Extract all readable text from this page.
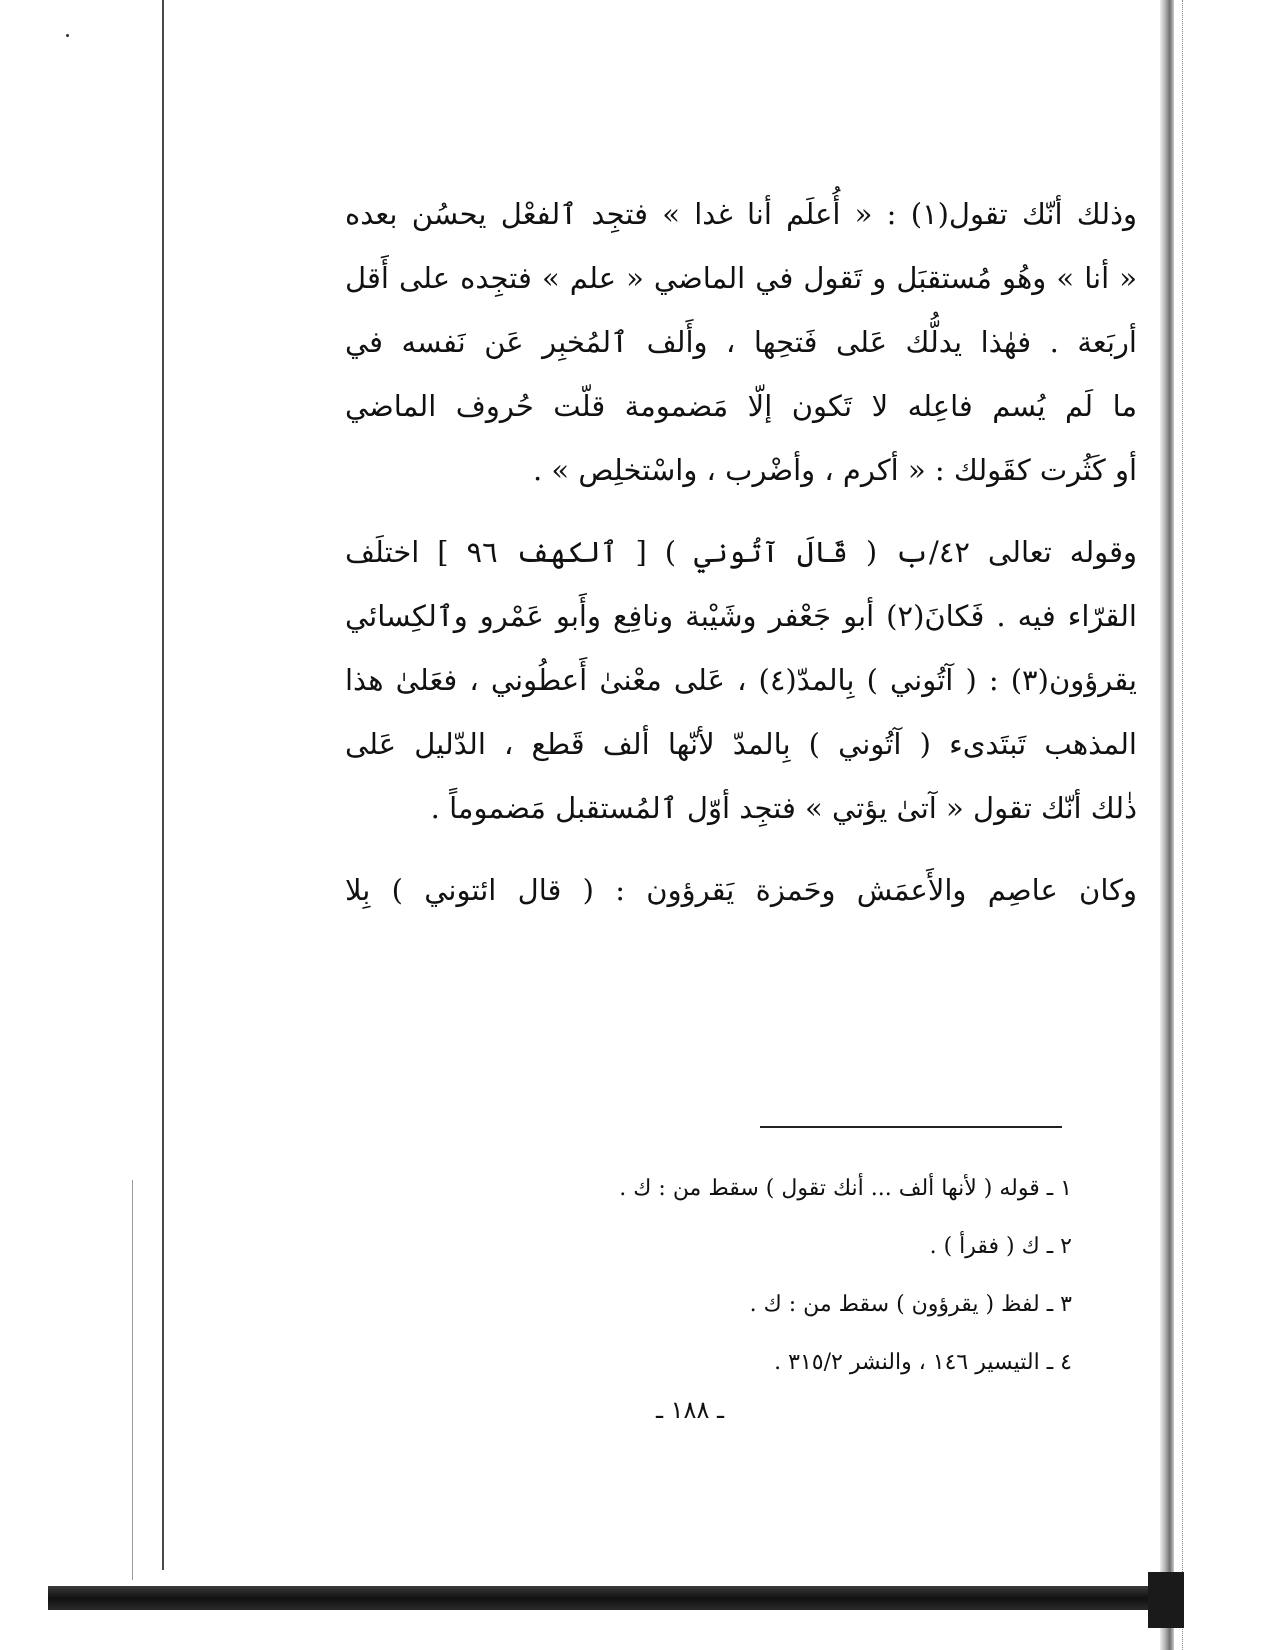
وذلك أنّك تقول(١) : « أُعلَم أنا غدا » فتجِد ٱلفعْل يحسُن بعده
« أنا » وهُو مُستقبَل و تَقول في الماضي « علم » فتجِده على أَقل
أربَعة . فهٰذا يدلُّك عَلى فَتحِها ، وأَلف ٱلمُخبِر عَن نَفسه في
ما لَم يُسم فاعِله لا تَكون إلّا مَضمومة قلّت حُروف الماضي
أو كَثُرت كقَولك : « أكرم ، وأضْرب ، واسْتخلِص » .
وقوله تعالى ٤٢/ب ( قَالَ آتُوني ) [ ٱلكهف ٩٦ ] اختلَف
القرّاء فيه . فَكانَ(٢) أبو جَعْفر وشَيْبة ونافِع وأَبو عَمْرو وٱلكِسائي
يقرؤون(٣) : ( آتُوني ) بِالمدّ(٤) ، عَلى معْنىٰ أَعطُوني ، فعَلىٰ هذا
المذهب تَبتَدىء ( آتُوني ) بِالمدّ لأنّها ألف قَطع ، الدّليل عَلى
ذٰلك أنّك تقول « آتىٰ يؤتي » فتجِد أوّل ٱلمُستقبل مَضموماً .
وكان عاصِم والأَعمَش وحَمزة يَقرؤون : ( قال ائتوني ) بِلا
١ ـ قوله ( لأنها ألف ... أنك تقول ) سقط من : ك .
٢ ـ ك ( فقرأ ) .
٣ ـ لفظ ( يقرؤون ) سقط من : ك .
٤ ـ التيسير ١٤٦ ، والنشر ٣١٥/٢ .
ـ ١٨٨ ـ
